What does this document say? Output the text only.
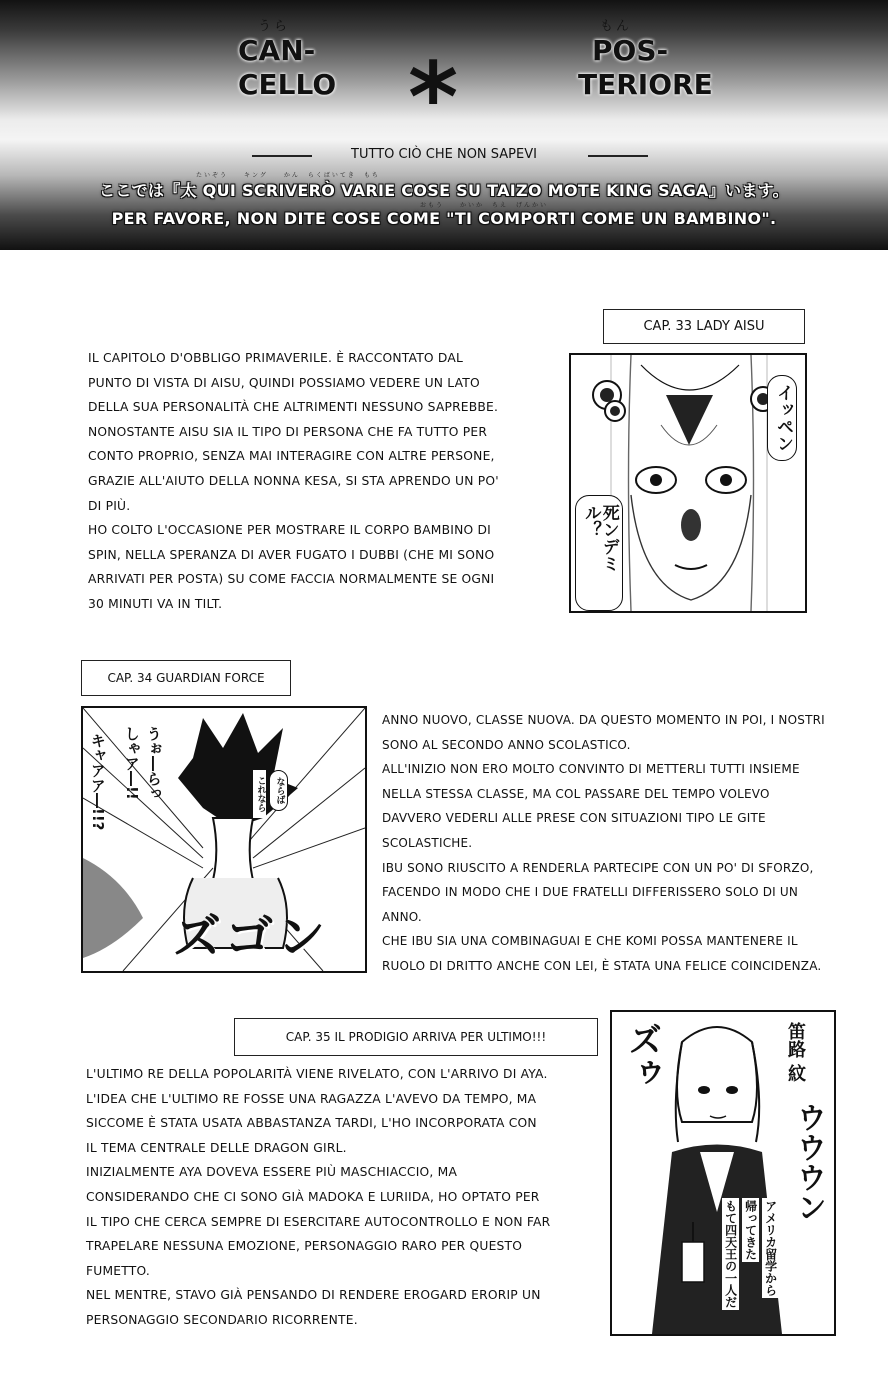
うら
CAN-
CELLO *
もん
POS-
TERIORE
TUTTO CIÒ CHE NON SAPEVI
たいぞう　　キング　　かん　らくばいてき　もち
ここでは『太 QUI SCRIVERÒ VARIE COSE SU TAIZO MOTE KING SAGA』います。
おもう　　かいか　ちえ　げんかい
PER FAVORE, NON DITE COSE COME "TI COMPORTI COME UN BAMBINO".
CAP. 33 LADY AISU

IL CAPITOLO D'OBBLIGO PRIMAVERILE. È RACCONTATO DAL

PUNTO DI VISTA DI AISU, QUINDI POSSIAMO VEDERE UN LATO

DELLA SUA PERSONALITÀ CHE ALTRIMENTI NESSUNO SAPREBBE.

NONOSTANTE AISU SIA IL TIPO DI PERSONA CHE FA TUTTO PER

CONTO PROPRIO, SENZA MAI INTERAGIRE CON ALTRE PERSONE,

GRAZIE ALL'AIUTO DELLA NONNA KESA, SI STA APRENDO UN PO'

DI PIÙ.

HO COLTO L'OCCASIONE PER MOSTRARE IL CORPO BAMBINO DI

SPIN, NELLA SPERANZA DI AVER FUGATO I DUBBI (CHE MI SONO

ARRIVATI PER POSTA) SU COME FACCIA NORMALMENTE SE OGNI

30 MINUTI VA IN TILT.

イッペン
死ンデミル？
CAP. 34 GUARDIAN FORCE
キャアア―!!?	うぉ―らっ
しゃア―!!	ならば
これなら
ズゴン

ANNO NUOVO, CLASSE NUOVA. DA QUESTO MOMENTO IN POI, I NOSTRI

SONO AL SECONDO ANNO SCOLASTICO.

ALL'INIZIO NON ERO MOLTO CONVINTO DI METTERLI TUTTI INSIEME

NELLA STESSA CLASSE, MA COL PASSARE DEL TEMPO VOLEVO

DAVVERO VEDERLI ALLE PRESE CON SITUAZIONI TIPO LE GITE

SCOLASTICHE.

IBU SONO RIUSCITO A RENDERLA PARTECIPE CON UN PO' DI SFORZO,

FACENDO IN MODO CHE I DUE FRATELLI DIFFERISSERO SOLO DI UN

ANNO.

CHE IBU SIA UNA COMBINAGUAI E CHE KOMI POSSA MANTENERE IL

RUOLO DI DRITTO ANCHE CON LEI, È STATA UNA FELICE COINCIDENZA.

CAP. 35 IL PRODIGIO ARRIVA PER ULTIMO!!!

L'ULTIMO RE DELLA POPOLARITÀ VIENE RIVELATO, CON L'ARRIVO DI AYA.

L'IDEA CHE L'ULTIMO RE FOSSE UNA RAGAZZA L'AVEVO DA TEMPO, MA

SICCOME È STATA USATA ABBASTANZA TARDI, L'HO INCORPORATA CON

IL TEMA CENTRALE DELLE DRAGON GIRL.

INIZIALMENTE AYA DOVEVA ESSERE PIÙ MASCHIACCIO, MA

CONSIDERANDO CHE CI SONO GIÀ MADOKA E LURIIDA, HO OPTATO PER

IL TIPO CHE CERCA SEMPRE DI ESERCITARE AUTOCONTROLLO E NON FAR

TRAPELARE NESSUNA EMOZIONE, PERSONAGGIO RARO PER QUESTO

FUMETTO.

NEL MENTRE, STAVO GIÀ PENSANDO DI RENDERE EROGARD ERORIP UN

PERSONAGGIO SECONDARIO RICORRENTE.

ズゥ	笛路 紋
ウウウン
アメリカ留学から
帰ってきた
もて四天王の一人だ
